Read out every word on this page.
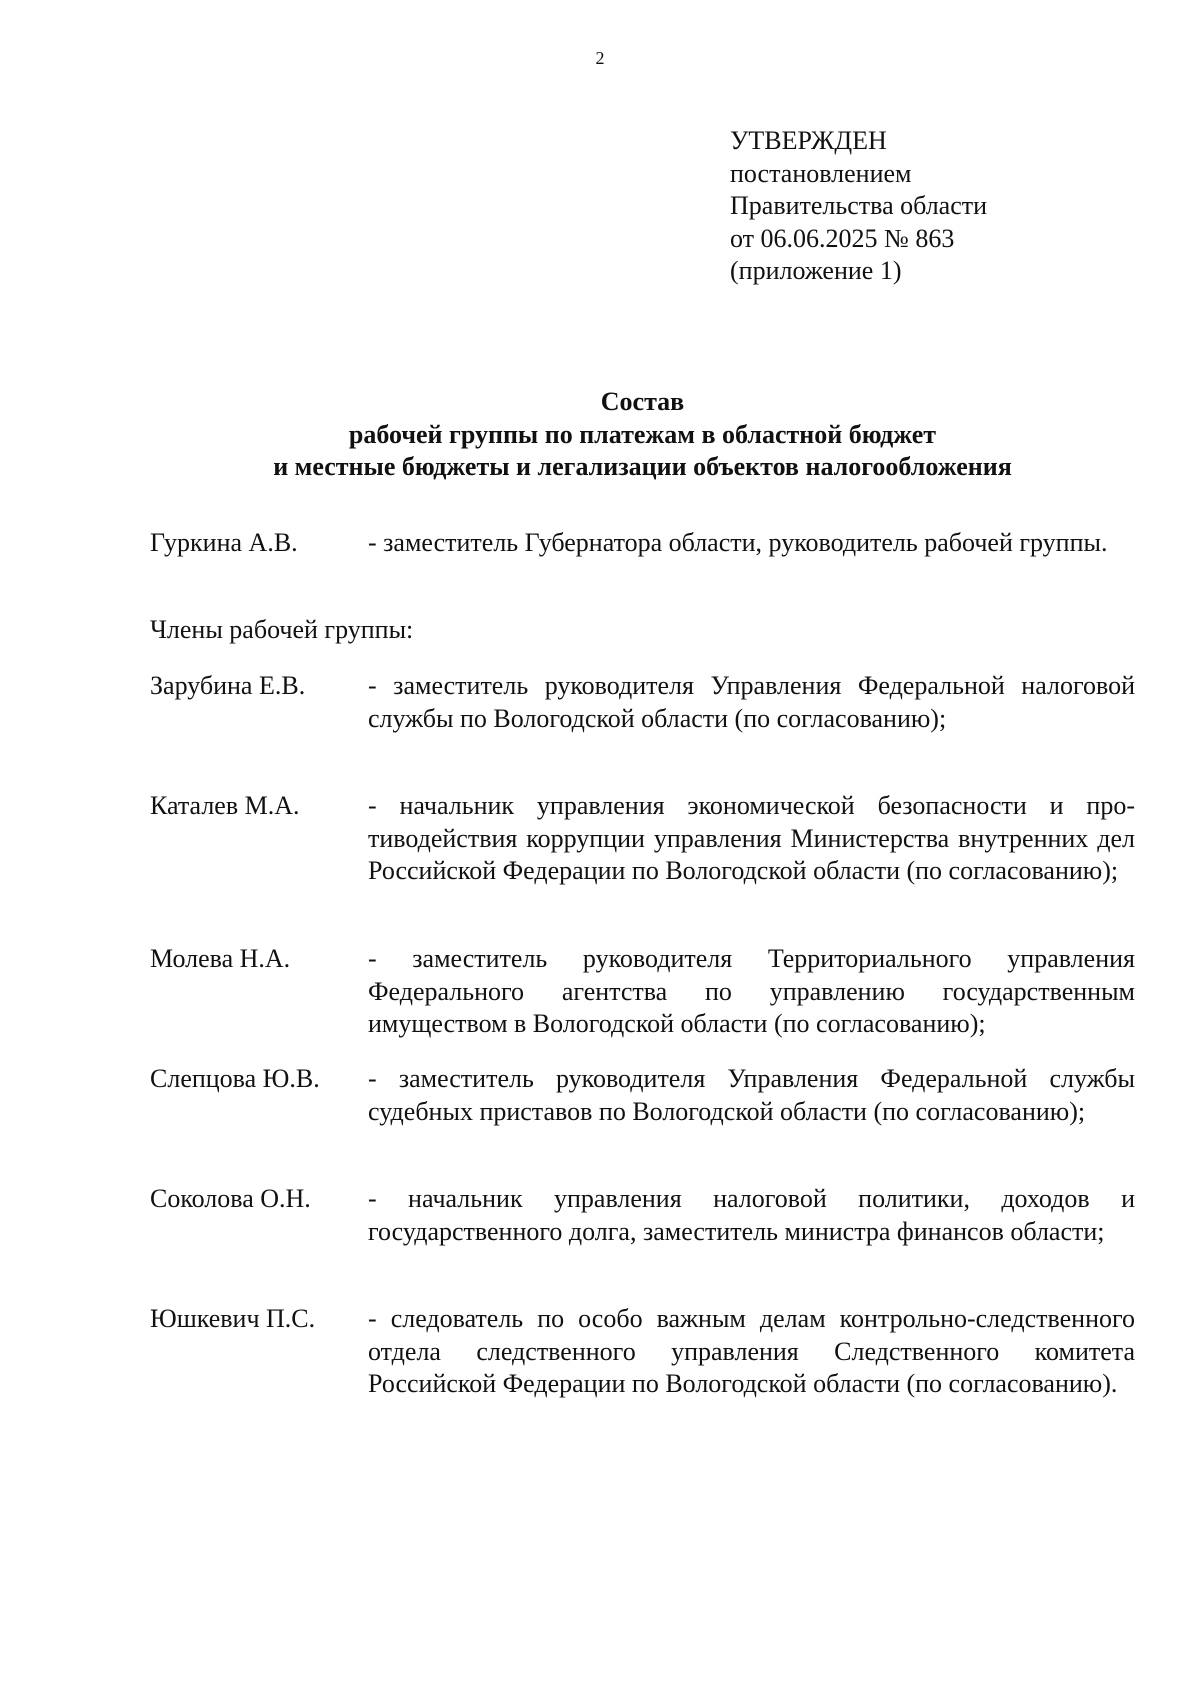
2
УТВЕРЖДЕН
постановлением
Правительства области
от 06.06.2025 № 863
(приложение 1)
Состав
рабочей группы по платежам в областной бюджет
и местные бюджеты и легализации объектов налогообложения
Гуркина А.В.	- заместитель Губернатора области, руководитель рабочей группы.
Члены рабочей группы:
Зарубина Е.В. - заместитель руководителя Управления Федеральной налоговой службы по Вологодской области (по согласованию);
Каталев М.А.	- начальник управления экономической безопасности и противодействия коррупции управления Министерства внутренних дел Российской Федерации по Вологодской области (по согласованию);
Молева Н.А.	- заместитель руководителя Территориального управления Федерального агентства по управлению государственным имуществом в Вологодской области (по согласованию);
Слепцова Ю.В. - заместитель руководителя Управления Федеральной службы судебных приставов по Вологодской области (по согласованию);
Соколова О.Н. - начальник управления налоговой политики, доходов и государственного долга, заместитель министра финансов области;
Юшкевич П.С. - следователь по особо важным делам контрольно-следственного отдела следственного управления Следственного комитета Российской Федерации по Вологодской области (по согласованию).
